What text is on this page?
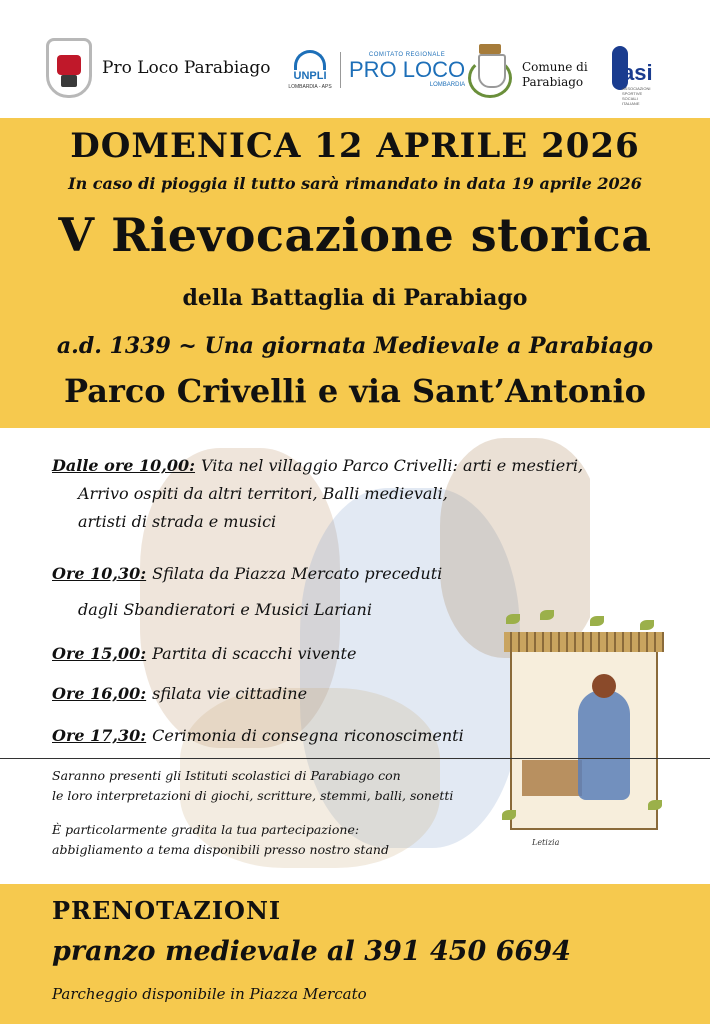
Pro Loco Parabiago	UNPLI
LOMBARDIA - APS
COMITATO REGIONALE
PRO LOCO
LOMBARDIA
Comune di
Parabiago asi
ASSOCIAZIONI SPORTIVE SOCIALI ITALIANE
DOMENICA 12 APRILE 2026
In caso di pioggia il tutto sarà rimandato in data 19 aprile 2026
V Rievocazione storica
della Battaglia di Parabiago
a.d. 1339 ~ Una giornata Medievale a Parabiago
Parco Crivelli e via Sant’Antonio
Letizia
Dalle ore 10,00: Vita nel villaggio Parco Crivelli: arti e mestieri,
Arrivo ospiti da altri territori, Balli medievali,
artisti di strada e musici
Ore 10,30: Sfilata da Piazza Mercato preceduti
dagli Sbandieratori e Musici Lariani
Ore 15,00: Partita di scacchi vivente
Ore 16,00: sfilata vie cittadine
Ore 17,30: Cerimonia di consegna riconoscimenti
Saranno presenti gli Istituti scolastici di Parabiago con
le loro interpretazioni di giochi, scritture, stemmi, balli, sonetti
È particolarmente gradita la tua partecipazione:
abbigliamento a tema disponibili presso nostro stand
PRENOTAZIONI
pranzo medievale al 391 450 6694
Parcheggio disponibile in Piazza Mercato
